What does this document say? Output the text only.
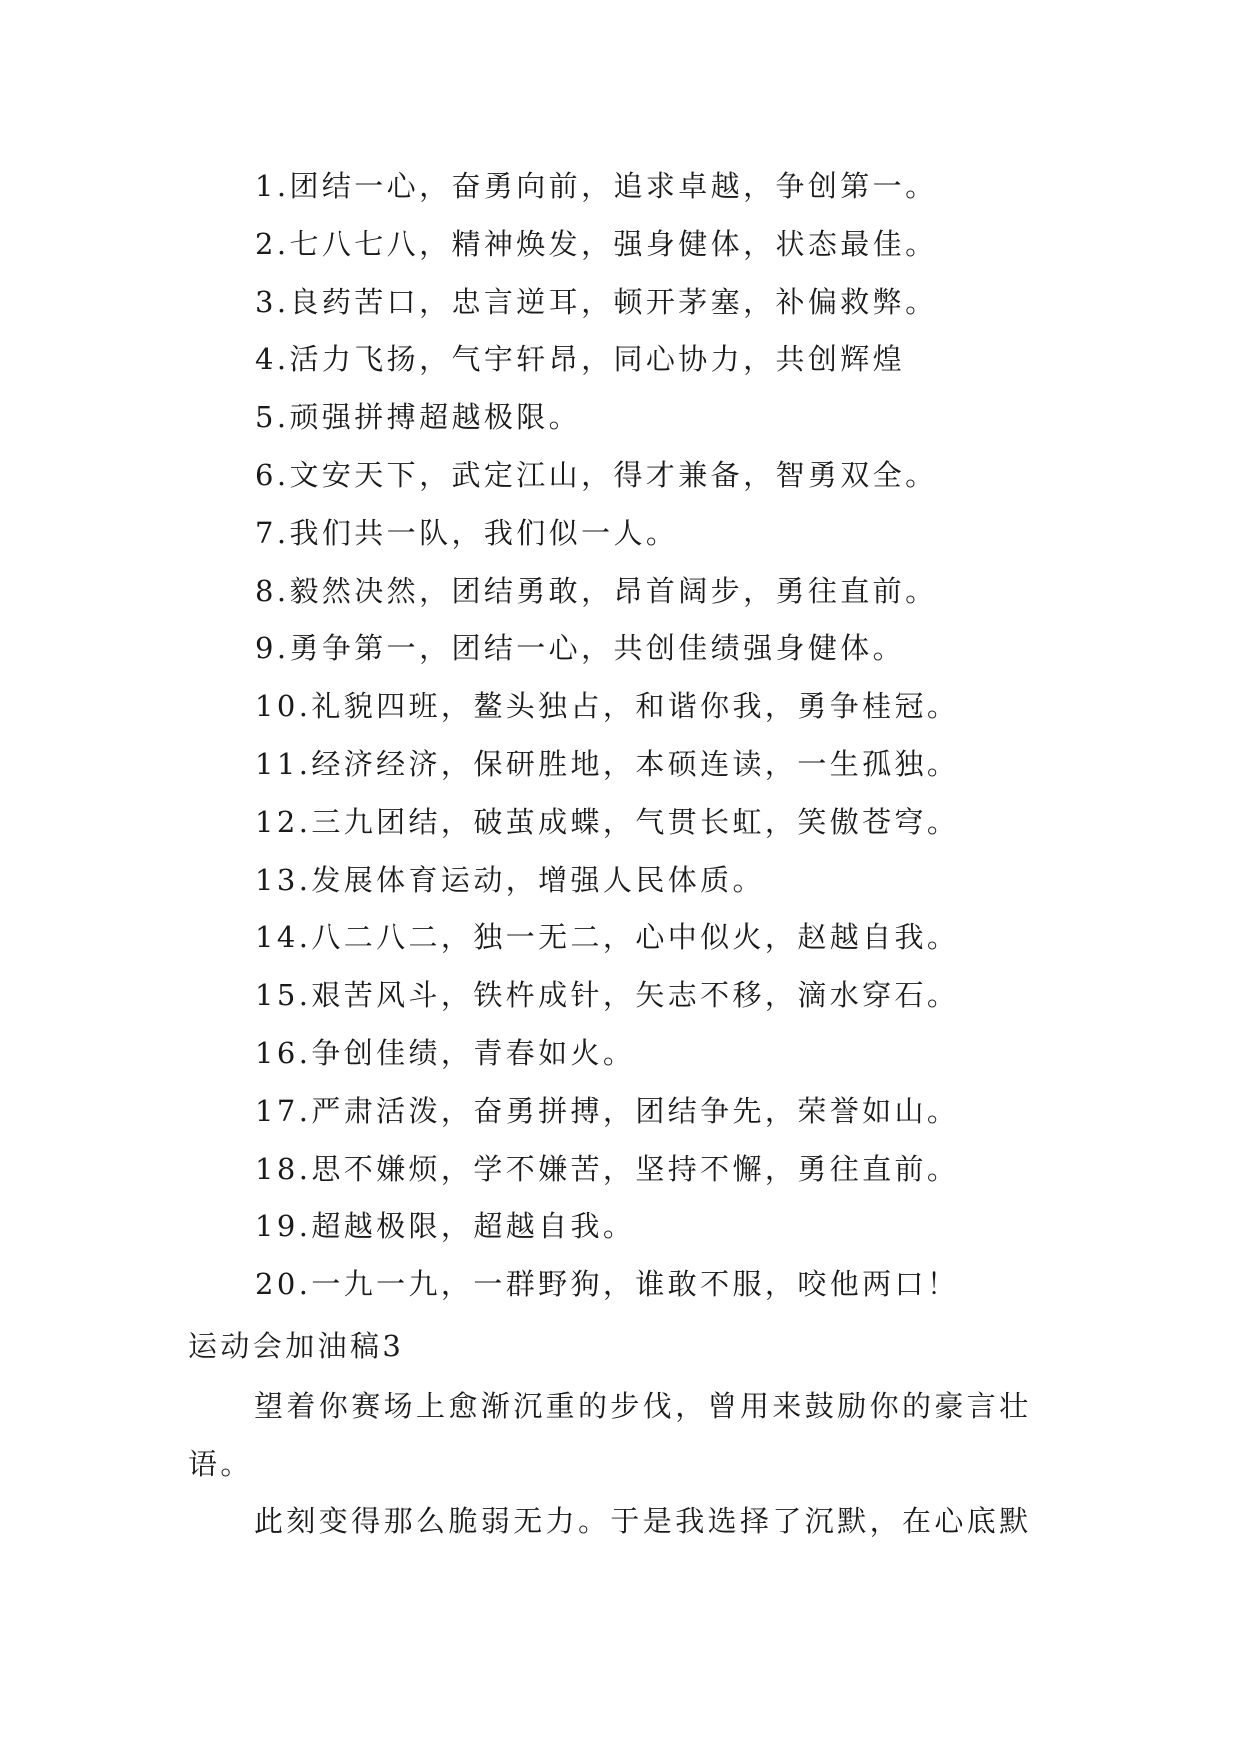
1.团结一心，奋勇向前，追求卓越，争创第一。
2.七八七八，精神焕发，强身健体，状态最佳。
3.良药苦口，忠言逆耳，顿开茅塞，补偏救弊。
4.活力飞扬，气宇轩昂，同心协力，共创辉煌
5.顽强拼搏超越极限。
6.文安天下，武定江山，得才兼备，智勇双全。
7.我们共一队，我们似一人。
8.毅然决然，团结勇敢，昂首阔步，勇往直前。
9.勇争第一，团结一心，共创佳绩强身健体。
10.礼貌四班，鳌头独占，和谐你我，勇争桂冠。
11.经济经济，保研胜地，本硕连读，一生孤独。
12.三九团结，破茧成蝶，气贯长虹，笑傲苍穹。
13.发展体育运动，增强人民体质。
14.八二八二，独一无二，心中似火，赵越自我。
15.艰苦风斗，铁杵成针，矢志不移，滴水穿石。
16.争创佳绩，青春如火。
17.严肃活泼，奋勇拼搏，团结争先，荣誉如山。
18.思不嫌烦，学不嫌苦，坚持不懈，勇往直前。
19.超越极限，超越自我。
20.一九一九，一群野狗，谁敢不服，咬他两口！
运动会加油稿3

望着你赛场上愈渐沉重的步伐，曾用来鼓励你的豪言壮语。

此刻变得那么脆弱无力。于是我选择了沉默，在心底默
